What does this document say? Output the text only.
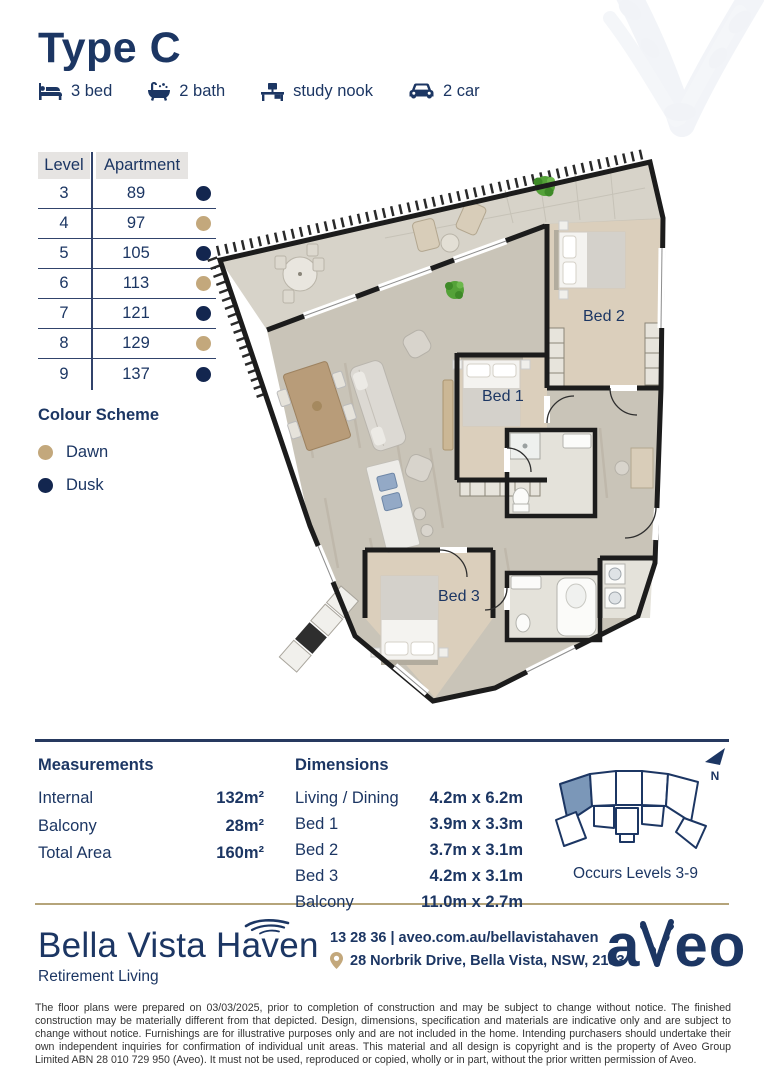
Type C
3 bed	2 bath	study nook	2 car
Level	Apartment
3	89
4	97
5	105
6	113
7	121
8	129
9	137
Colour Scheme
Dawn
Dusk
Bed 1
Bed 2
Bed 3
Measurements
Internal	132m²
Balcony	28m²
Total Area	160m²
Dimensions
Living / Dining 4.2m x 6.2m
Bed 1	3.9m x 3.3m
Bed 2	3.7m x 3.1m
Bed 3	4.2m x 3.1m
Balcony	11.0m x 2.7m
Occurs Levels 3-9
N
Bella Vista Haven
Retirement Living
13 28 36 | aveo.com.au/bellavistahaven
28 Norbrik Drive, Bella Vista, NSW, 2153
a eo
The floor plans were prepared on 03/03/2025, prior to completion of construction and may be subject to change without notice. The finished construction may be materially different from that depicted. Design, dimensions, specification and materials are indicative only and are subject to change without notice. Furnishings are for illustrative purposes only and are not included in the home. Intending purchasers should undertake their own independent inquiries for confirmation of individual unit areas. This material and all design is copyright and is the property of Aveo Group Limited ABN 28 010 729 950 (Aveo). It must not be used, reproduced or copied, wholly or in part, without the prior written permission of Aveo.
